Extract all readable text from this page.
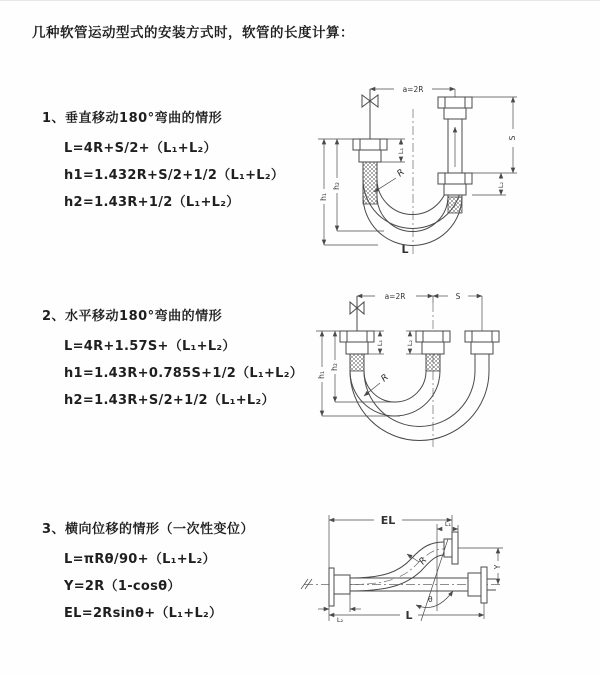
几种软管运动型式的安装方式时，软管的长度计算：
1、垂直移动180°弯曲的情形
L=4R+S/2+（L₁+L₂）
h1=1.432R+S/2+1/2（L₁+L₂）
h2=1.43R+1/2（L₁+L₂）
2、水平移动180°弯曲的情形
L=4R+1.57S+（L₁+L₂）
h1=1.43R+0.785S+1/2（L₁+L₂）
h2=1.43R+S/2+1/2（L₁+L₂）
3、横向位移的情形（一次性变位）
L=πRθ/90+（L₁+L₂）
Y=2R（1-cosθ）
EL=2Rsinθ+（L₁+L₂）
a=2R
L₁
S
L₂
h₁
h₂
R
L
a=2R	S
L₁	L₂
h₁
h₂
R
θ
R
EL	L₁
Y
L₂	L
